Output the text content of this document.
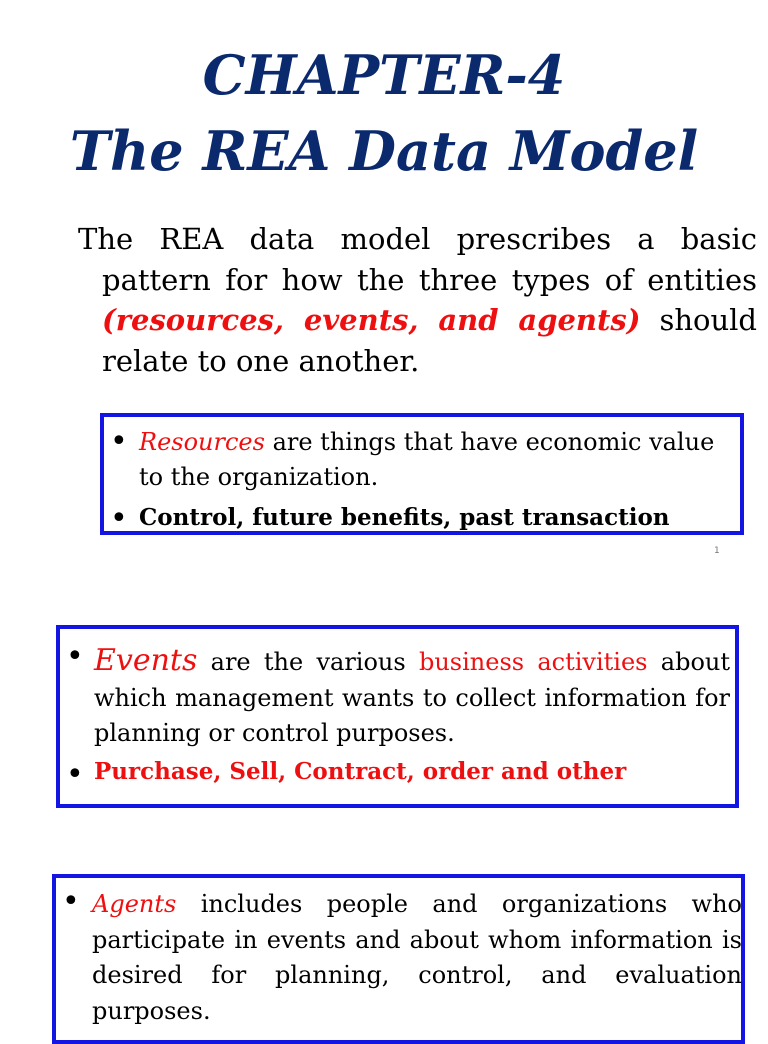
CHAPTER-4
The REA Data Model
The REA data model prescribes a basic pattern for how the three types of entities (resources, events, and agents) should relate to one another.
• Resources are things that have economic value to the organization.
• Control, future benefits, past transaction
1
• Events are the various business activities about which management wants to collect information for planning or control purposes.
• Purchase, Sell, Contract, order and other
• Agents includes people and organizations who participate in events and about whom information is desired for planning, control, and evaluation purposes.
